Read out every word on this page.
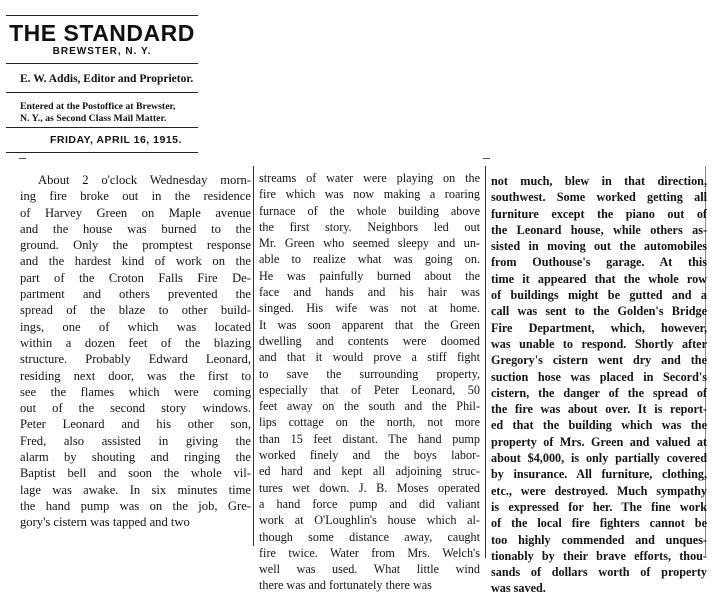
THE STANDARD
BREWSTER, N. Y.
E. W. Addis, Editor and Proprietor.
Entered at the Postoffice at Brewster,
N. Y., as Second Class Mail Matter.
FRIDAY, APRIL 16, 1915.
About 2 o'clock Wednesday morn-
ing fire broke out in the residence
of Harvey Green on Maple avenue
and the house was burned to the
ground. Only the promptest response
and the hardest kind of work on the
part of the Croton Falls Fire De-
partment and others prevented the
spread of the blaze to other build-
ings, one of which was located
within a dozen feet of the blazing
structure. Probably Edward Leonard,
residing next door, was the first to
see the flames which were coming
out of the second story windows.
Peter Leonard and his other son,
Fred, also assisted in giving the
alarm by shouting and ringing the
Baptist bell and soon the whole vil-
lage was awake. In six minutes time
the hand pump was on the job, Gre-
gory's cistern was tapped and two
streams of water were playing on the
fire which was now making a roaring
furnace of the whole building above
the first story. Neighbors led out
Mr. Green who seemed sleepy and un-
able to realize what was going on.
He was painfully burned about the
face and hands and his hair was
singed. His wife was not at home.
It was soon apparent that the Green
dwelling and contents were doomed
and that it would prove a stiff fight
to save the surrounding property,
especially that of Peter Leonard, 50
feet away on the south and the Phil-
lips cottage on the north, not more
than 15 feet distant. The hand pump
worked finely and the boys labor-
ed hard and kept all adjoining struc-
tures wet down. J. B. Moses operated
a hand force pump and did valiant
work at O'Loughlin's house which al-
though some distance away, caught
fire twice. Water from Mrs. Welch's
well was used. What little wind
there was and fortunately there was
not much, blew in that direction,
southwest. Some worked getting all
furniture except the piano out of
the Leonard house, while others as-
sisted in moving out the automobiles
from Outhouse's garage. At this
time it appeared that the whole row
of buildings might be gutted and a
call was sent to the Golden's Bridge
Fire Department, which, however,
was unable to respond. Shortly after
Gregory's cistern went dry and the
suction hose was placed in Secord's
cistern, the danger of the spread of
the fire was about over. It is report-
ed that the building which was the
property of Mrs. Green and valued at
about $4,000, is only partially covered
by insurance. All furniture, clothing,
etc., were destroyed. Much sympathy
is expressed for her. The fine work
of the local fire fighters cannot be
too highly commended and unques-
tionably by their brave efforts, thou-
sands of dollars worth of property
was saved.
